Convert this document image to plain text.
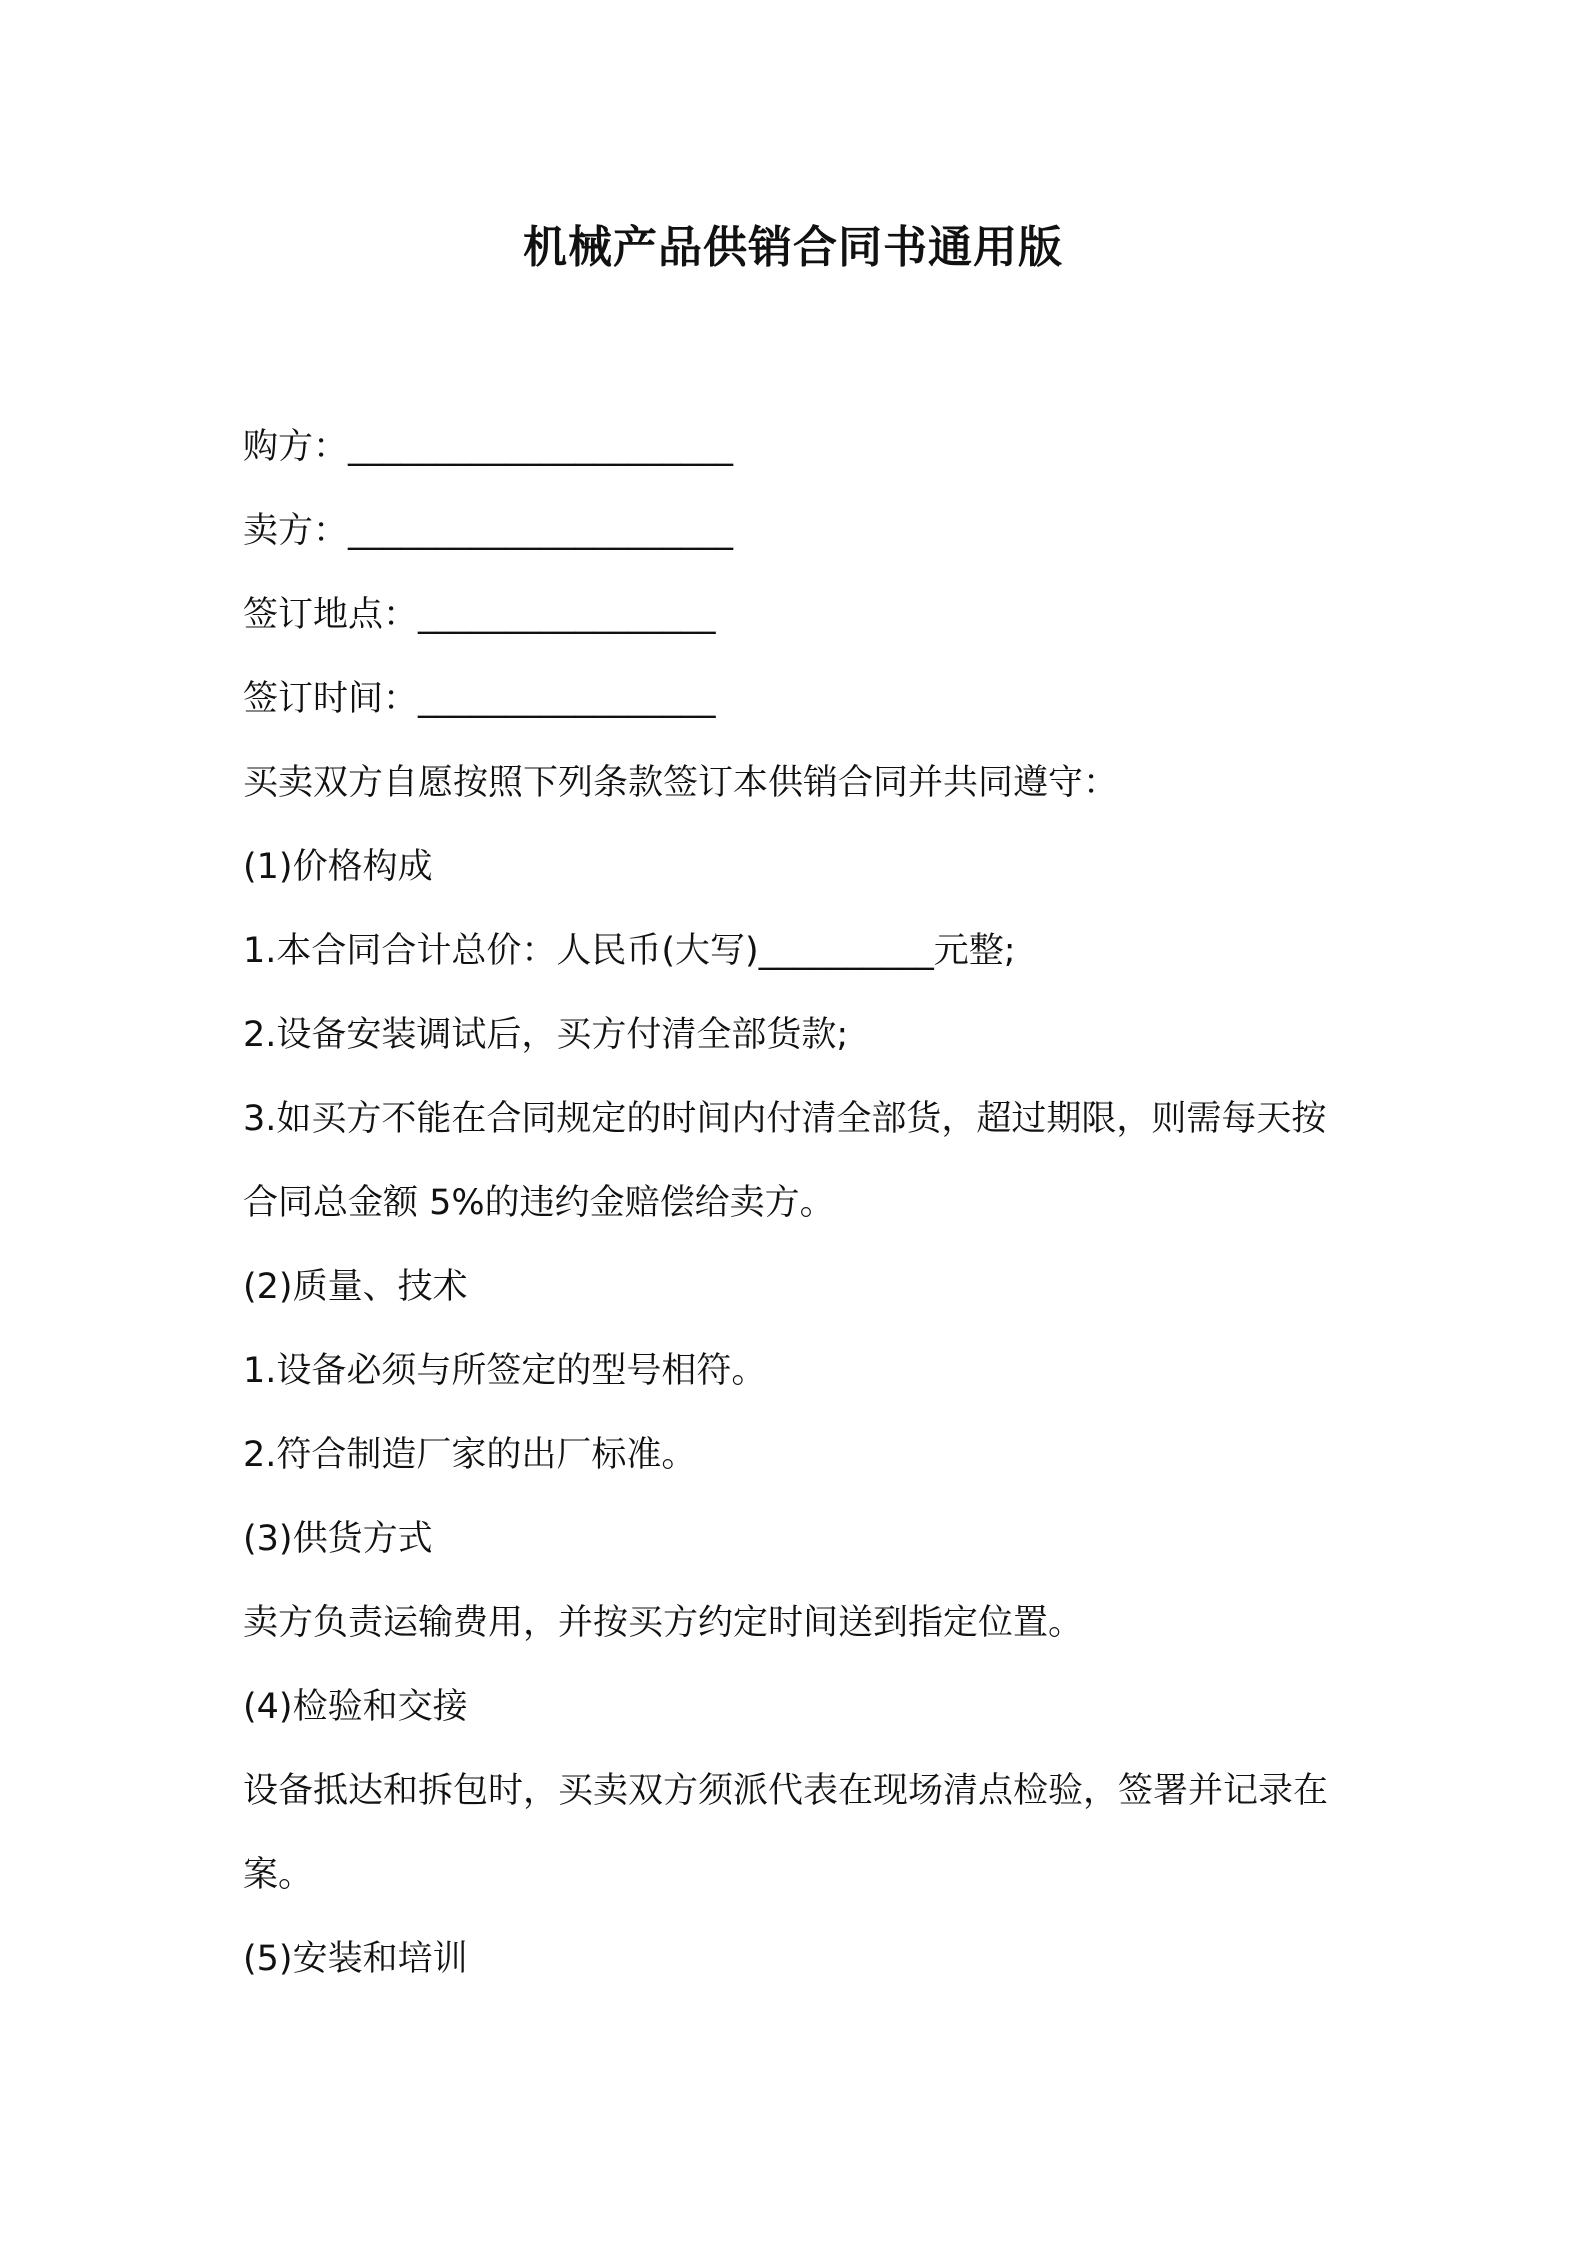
机械产品供销合同书通用版

购方：______________________

卖方：______________________

签订地点：_________________

签订时间：_________________

买卖双方自愿按照下列条款签订本供销合同并共同遵守：

(1)价格构成

1.本合同合计总价：人民币(大写)__________元整;

2.设备安装调试后，买方付清全部货款;

3.如买方不能在合同规定的时间内付清全部货，超过期限，则需每天按合同总金额 5%的违约金赔偿给卖方。

(2)质量、技术

1.设备必须与所签定的型号相符。

2.符合制造厂家的出厂标准。

(3)供货方式

卖方负责运输费用，并按买方约定时间送到指定位置。

(4)检验和交接

设备抵达和拆包时，买卖双方须派代表在现场清点检验，签署并记录在案。

(5)安装和培训
